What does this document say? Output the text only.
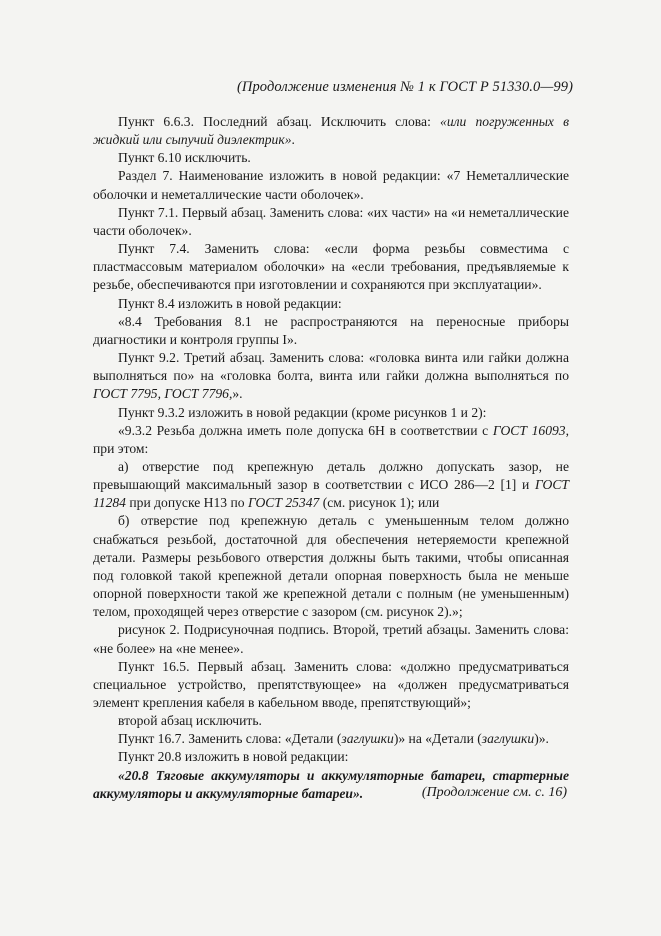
(Продолжение изменения № 1 к ГОСТ Р 51330.0—99)

Пункт 6.6.3. Последний абзац. Исключить слова: «или погруженных в жидкий или сыпучий диэлектрик».

Пункт 6.10 исключить.

Раздел 7. Наименование изложить в новой редакции: «7 Неметаллические оболочки и неметаллические части оболочек».

Пункт 7.1. Первый абзац. Заменить слова: «их части» на «и неметаллические части оболочек».

Пункт 7.4. Заменить слова: «если форма резьбы совместима с пластмассовым материалом оболочки» на «если требования, предъявляемые к резьбе, обеспечиваются при изготовлении и сохраняются при эксплуатации».

Пункт 8.4 изложить в новой редакции:

«8.4 Требования 8.1 не распространяются на переносные приборы диагностики и контроля группы I».

Пункт 9.2. Третий абзац. Заменить слова: «головка винта или гайки должна выполняться по» на «головка болта, винта или гайки должна выполняться по ГОСТ 7795, ГОСТ 7796,».

Пункт 9.3.2 изложить в новой редакции (кроме рисунков 1 и 2):

«9.3.2 Резьба должна иметь поле допуска 6Н в соответствии с ГОСТ 16093, при этом:

а) отверстие под крепежную деталь должно допускать зазор, не превышающий максимальный зазор в соответствии с ИСО 286—2 [1] и ГОСТ 11284 при допуске Н13 по ГОСТ 25347 (см. рисунок 1); или

б) отверстие под крепежную деталь с уменьшенным телом должно снабжаться резьбой, достаточной для обеспечения нетеряемости крепежной детали. Размеры резьбового отверстия должны быть такими, чтобы описанная под головкой такой крепежной детали опорная поверхность была не меньше опорной поверхности такой же крепежной детали с полным (не уменьшенным) телом, проходящей через отверстие с зазором (см. рисунок 2).»;

рисунок 2. Подрисуночная подпись. Второй, третий абзацы. Заменить слова: «не более» на «не менее».

Пункт 16.5. Первый абзац. Заменить слова: «должно предусматриваться специальное устройство, препятствующее» на «должен предусматриваться элемент крепления кабеля в кабельном вводе, препятствующий»;

второй абзац исключить.

Пункт 16.7. Заменить слова: «Детали (заглушки)» на «Детали (заглушки)».

Пункт 20.8 изложить в новой редакции:

«20.8 Тяговые аккумуляторы и аккумуляторные батареи, стартерные аккумуляторы и аккумуляторные батареи».	(Продолжение см. с. 16)
